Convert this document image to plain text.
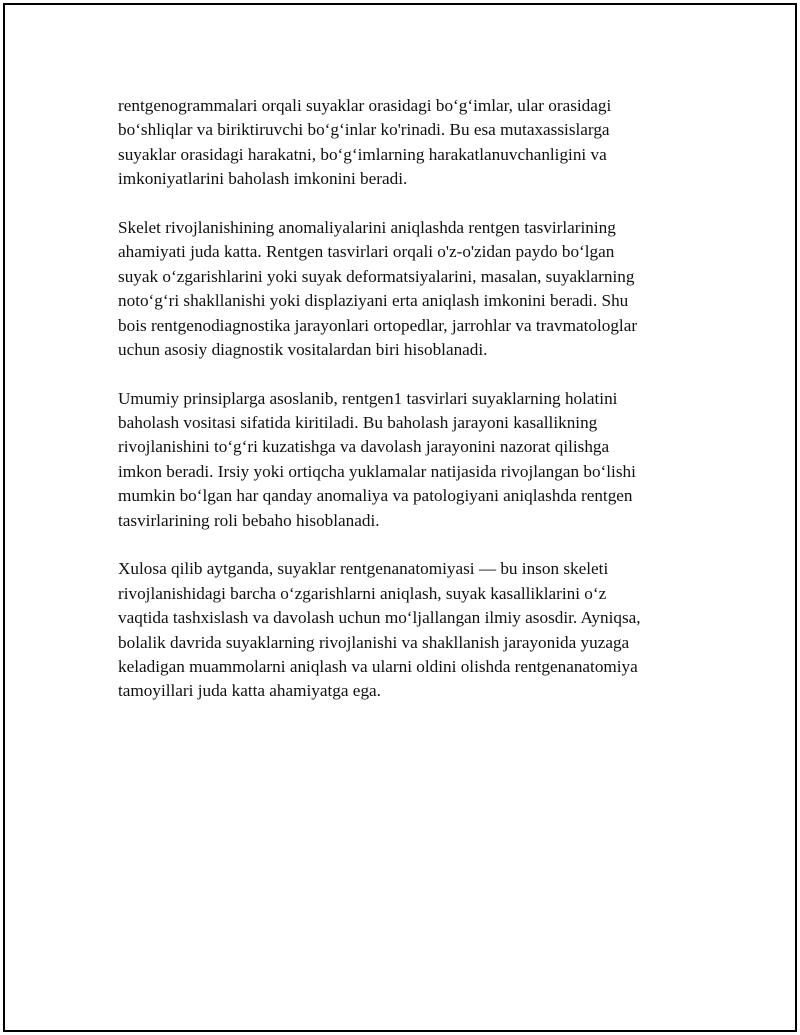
rentgenogrammalari orqali suyaklar orasidagi bo‘g‘imlar, ular orasidagi
bo‘shliqlar va biriktiruvchi bo‘g‘inlar ko'rinadi. Bu esa mutaxassislarga
suyaklar orasidagi harakatni, bo‘g‘imlarning harakatlanuvchanligini va
imkoniyatlarini baholash imkonini beradi.

Skelet rivojlanishining anomaliyalarini aniqlashda rentgen tasvirlarining
ahamiyati juda katta. Rentgen tasvirlari orqali o'z-o'zidan paydo bo‘lgan
suyak o‘zgarishlarini yoki suyak deformatsiyalarini, masalan, suyaklarning
noto‘g‘ri shakllanishi yoki displaziyani erta aniqlash imkonini beradi. Shu
bois rentgenodiagnostika jarayonlari ortopedlar, jarrohlar va travmatologlar
uchun asosiy diagnostik vositalardan biri hisoblanadi.

Umumiy prinsiplarga asoslanib, rentgen1 tasvirlari suyaklarning holatini
baholash vositasi sifatida kiritiladi. Bu baholash jarayoni kasallikning
rivojlanishini to‘g‘ri kuzatishga va davolash jarayonini nazorat qilishga
imkon beradi. Irsiy yoki ortiqcha yuklamalar natijasida rivojlangan bo‘lishi
mumkin bo‘lgan har qanday anomaliya va patologiyani aniqlashda rentgen
tasvirlarining roli bebaho hisoblanadi.

Xulosa qilib aytganda, suyaklar rentgenanatomiyasi — bu inson skeleti
rivojlanishidagi barcha o‘zgarishlarni aniqlash, suyak kasalliklarini o‘z
vaqtida tashxislash va davolash uchun mo‘ljallangan ilmiy asosdir. Ayniqsa,
bolalik davrida suyaklarning rivojlanishi va shakllanish jarayonida yuzaga
keladigan muammolarni aniqlash va ularni oldini olishda rentgenanatomiya
tamoyillari juda katta ahamiyatga ega.
